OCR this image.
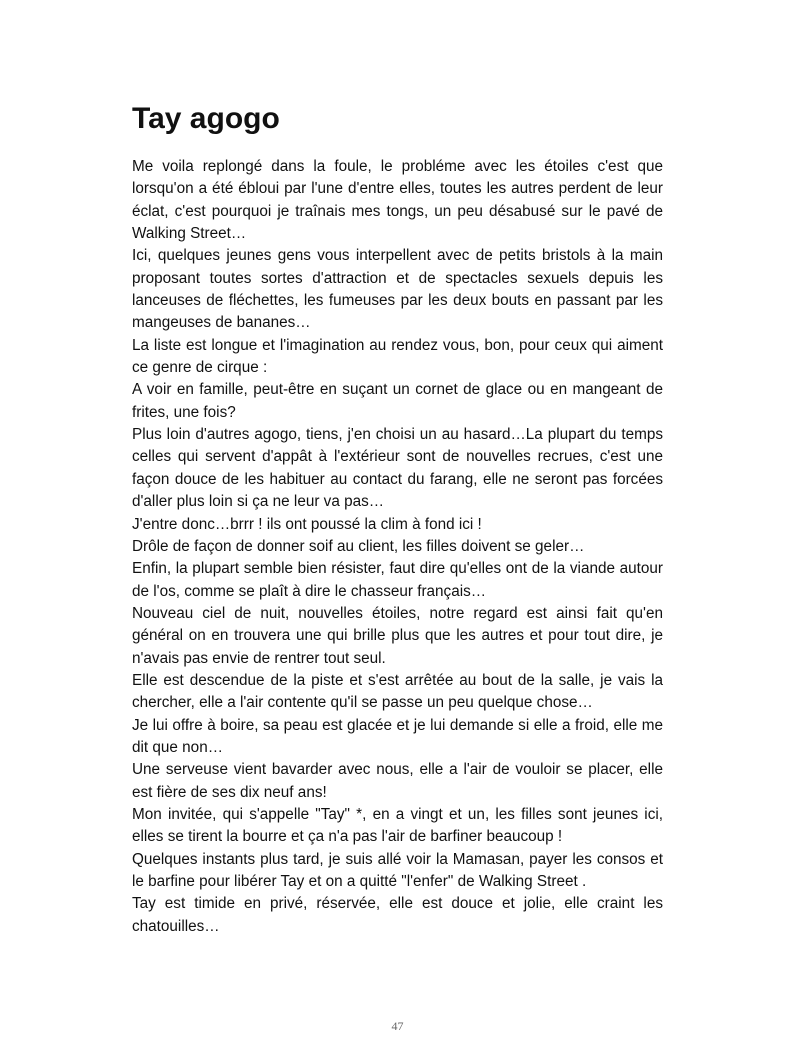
Tay agogo

Me voila replongé dans la foule, le probléme avec les étoiles c'est que lorsqu'on a été ébloui par l'une d'entre elles, toutes les autres perdent de leur éclat, c'est pourquoi je traînais mes tongs, un peu désabusé sur le pavé de Walking Street…

Ici, quelques jeunes gens vous interpellent avec de petits bristols à la main proposant toutes sortes d'attraction et de spectacles sexuels depuis les lanceuses de fléchettes, les fumeuses par les deux bouts en passant par les mangeuses de bananes…

La liste est longue et l'imagination au rendez vous, bon, pour ceux qui aiment ce genre de cirque :

A voir en famille, peut-être en suçant un cornet de glace ou en mangeant de frites, une fois?

Plus loin d'autres agogo, tiens, j'en choisi un au hasard…La plupart du temps celles qui servent d'appât à l'extérieur sont de nouvelles recrues, c'est une façon douce de les habituer au contact du farang, elle ne seront pas forcées d'aller plus loin si ça ne leur va pas…

J'entre donc…brrr ! ils ont poussé la clim à fond ici !

Drôle de façon de donner soif au client, les filles doivent se geler…

Enfin, la plupart semble bien résister, faut dire qu'elles ont de la viande autour de l'os, comme se plaît à dire le chasseur français…

Nouveau ciel de nuit, nouvelles étoiles, notre regard est ainsi fait qu'en général on en trouvera une qui brille plus que les autres et pour tout dire, je n'avais pas envie de rentrer tout seul.

Elle est descendue de la piste et s'est arrêtée au bout de la salle, je vais la chercher, elle a l'air contente qu'il se passe un peu quelque chose…

Je lui offre à boire, sa peau est glacée et je lui demande si elle a froid, elle me dit que non…

Une serveuse vient bavarder avec nous, elle a l'air de vouloir se placer, elle est fière de ses dix neuf ans!

Mon invitée, qui s'appelle "Tay" *, en a vingt et un, les filles sont jeunes ici, elles se tirent la bourre et ça n'a pas l'air de barfiner beaucoup !

Quelques instants plus tard, je suis allé voir la Mamasan, payer les consos et le barfine pour libérer Tay et on a quitté "l'enfer" de Walking Street .

Tay est timide en privé, réservée, elle est douce et jolie, elle craint les chatouilles…

47
